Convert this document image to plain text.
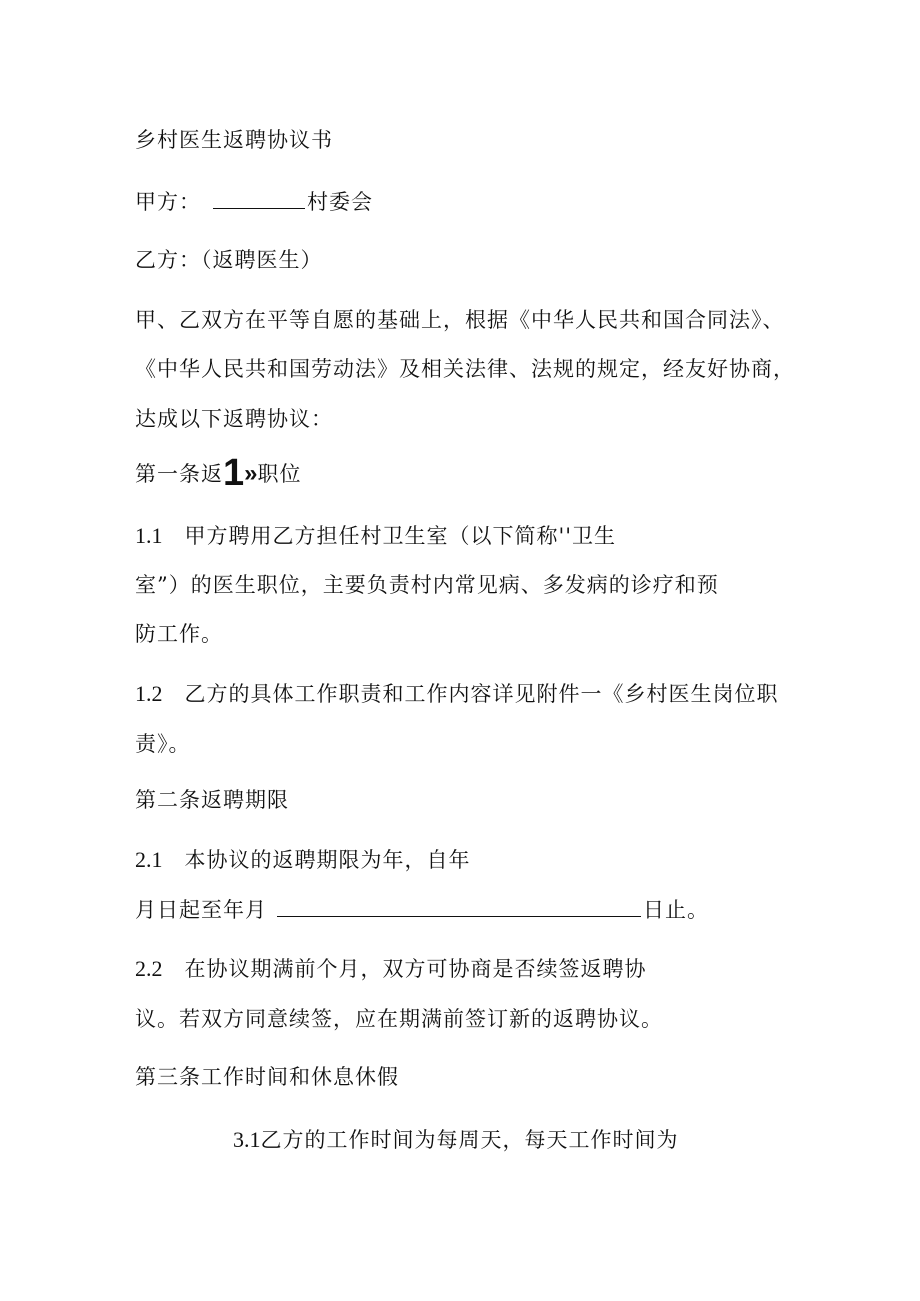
乡村医生返聘协议书
甲方：	村委会
乙方：（返聘医生）
甲、乙双方在平等自愿的基础上，根据《中华人民共和国合同法》、
《中华人民共和国劳动法》及相关法律、法规的规定，经友好协商，
达成以下返聘协议：
第一条返1»职位
1.1 甲方聘用乙方担任村卫生室（以下简称''卫生
室”）的医生职位，主要负责村内常见病、多发病的诊疗和预
防工作。
1.2 乙方的具体工作职责和工作内容详见附件一《乡村医生岗位职
责》。
第二条返聘期限
2.1 本协议的返聘期限为年，自年
月日起至年月	日止。
2.2 在协议期满前个月，双方可协商是否续签返聘协
议。若双方同意续签，应在期满前签订新的返聘协议。
第三条工作时间和休息休假
3.1乙方的工作时间为每周天，每天工作时间为
